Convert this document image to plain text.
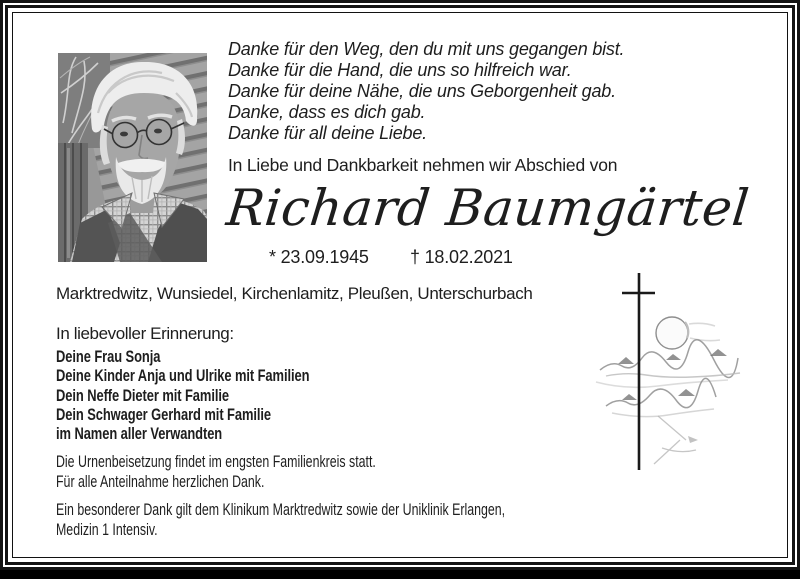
Danke für den Weg, den du mit uns gegangen bist.
Danke für die Hand, die uns so hilfreich war.
Danke für deine Nähe, die uns Geborgenheit gab.
Danke, dass es dich gab.
Danke für all deine Liebe.
In Liebe und Dankbarkeit nehmen wir Abschied von
Richard Baumgärtel
* 23.09.1945 † 18.02.2021
Marktredwitz, Wunsiedel, Kirchenlamitz, Pleußen, Unterschurbach
In liebevoller Erinnerung:
Deine Frau Sonja
Deine Kinder Anja und Ulrike mit Familien
Dein Neffe Dieter mit Familie
Dein Schwager Gerhard mit Familie
im Namen aller Verwandten
Die Urnenbeisetzung findet im engsten Familienkreis statt.
Für alle Anteilnahme herzlichen Dank.
Ein besonderer Dank gilt dem Klinikum Marktredwitz sowie der Uniklinik Erlangen,
Medizin 1 Intensiv.
